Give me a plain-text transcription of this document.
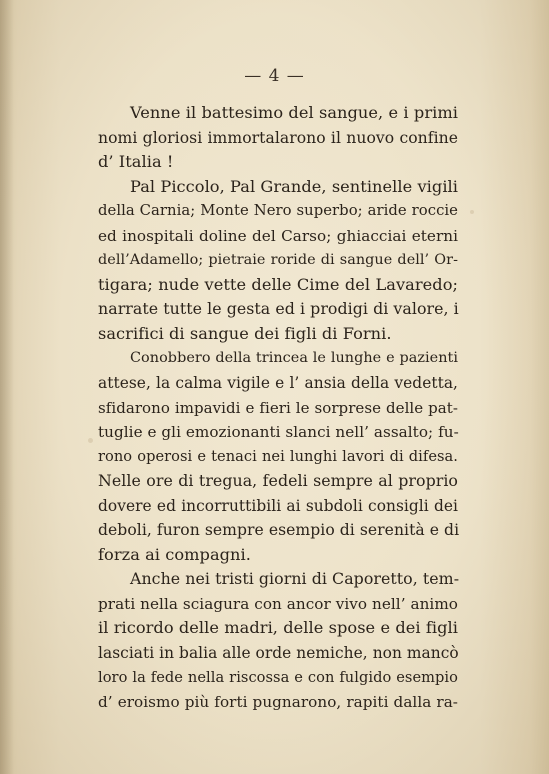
— 4 —
Venne il battesimo del sangue, e i primi
nomi gloriosi immortalarono il nuovo confine
d’ Italia !
Pal Piccolo, Pal Grande, sentinelle vigili
della Carnia; Monte Nero superbo; aride roccie
ed inospitali doline del Carso; ghiacciai eterni
dell’Adamello; pietraie roride di sangue dell’ Or-
tigara; nude vette delle Cime del Lavaredo;
narrate tutte le gesta ed i prodigi di valore, i
sacrifici di sangue dei figli di Forni.
Conobbero della trincea le lunghe e pazienti
attese, la calma vigile e l’ ansia della vedetta,
sfidarono impavidi e fieri le sorprese delle pat-
tuglie e gli emozionanti slanci nell’ assalto; fu-
rono operosi e tenaci nei lunghi lavori di difesa.
Nelle ore di tregua, fedeli sempre al proprio
dovere ed incorruttibili ai subdoli consigli dei
deboli, furon sempre esempio di serenità e di
forza ai compagni.
Anche nei tristi giorni di Caporetto, tem-
prati nella sciagura con ancor vivo nell’ animo
il ricordo delle madri, delle spose e dei figli
lasciati in balia alle orde nemiche, non mancò
loro la fede nella riscossa e con fulgido esempio
d’ eroismo più forti pugnarono, rapiti dalla ra-
